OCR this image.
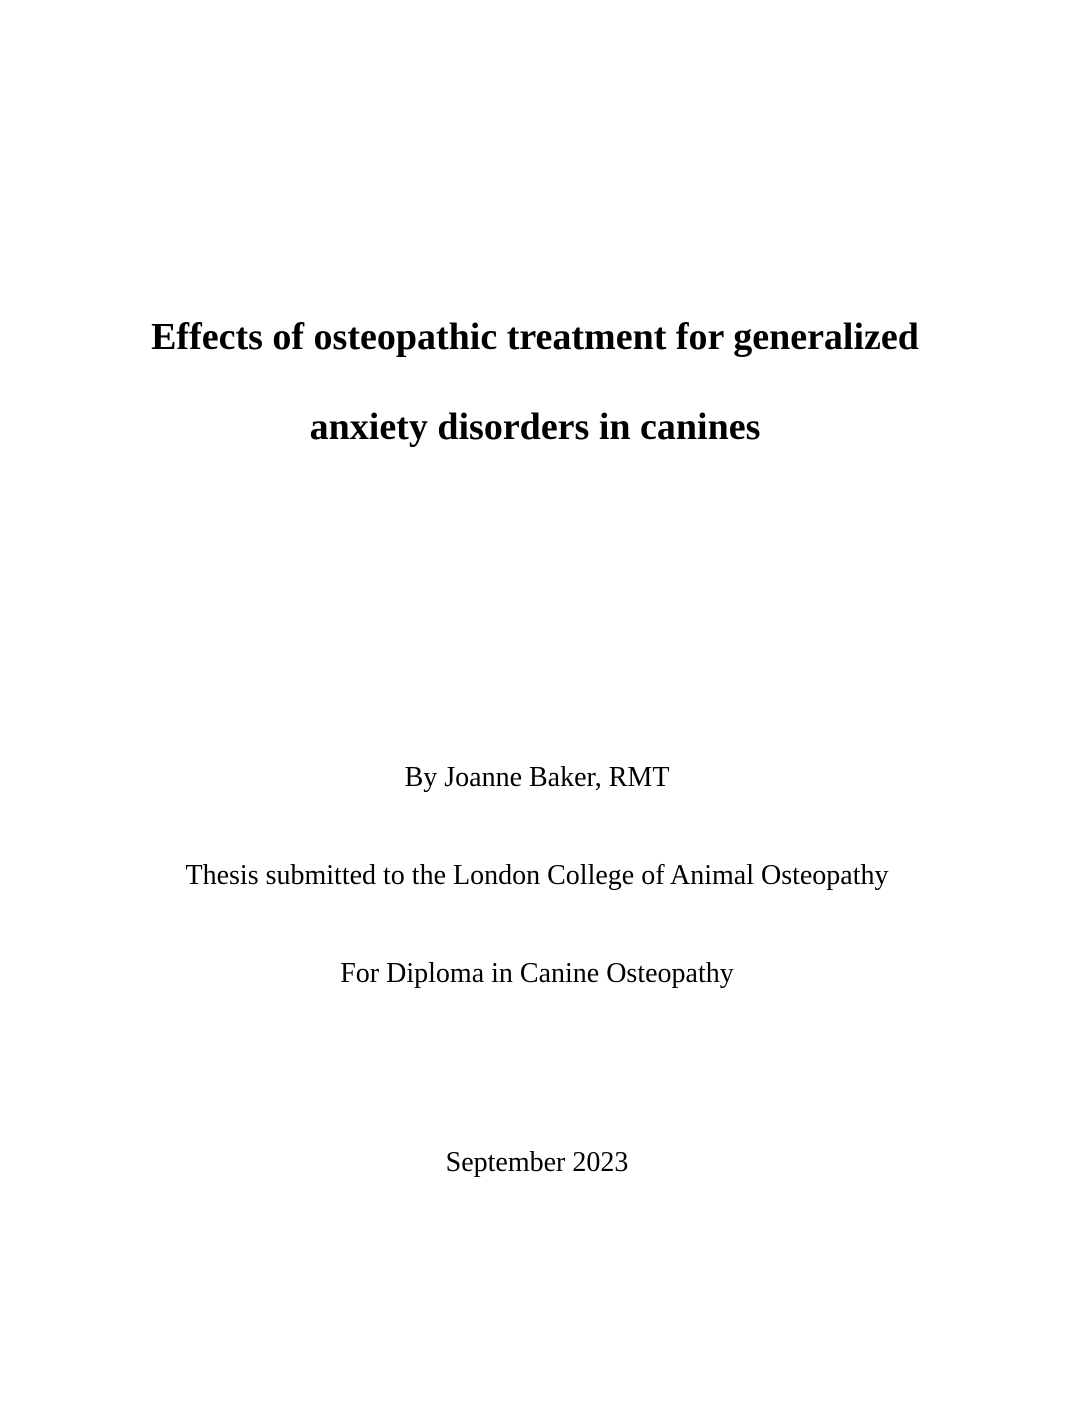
Effects of osteopathic treatment for generalized
anxiety disorders in canines
By Joanne Baker, RMT
Thesis submitted to the London College of Animal Osteopathy
For Diploma in Canine Osteopathy
September 2023
